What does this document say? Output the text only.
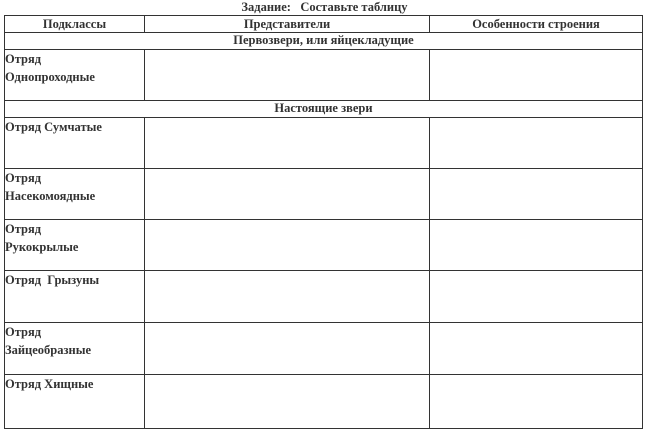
Задание:   Составьте таблицу
Подклассы	Представители	Особенности строения
Первозвери, или яйцекладущие		

Отряд
Однопроходные		

Настоящие звери		

Отряд Сумчатые		

Отряд
Насекомоядные		

Отряд
Рукокрылые		

Отряд  Грызуны		

Отряд
Зайцеобразные		

Отряд Хищные		
